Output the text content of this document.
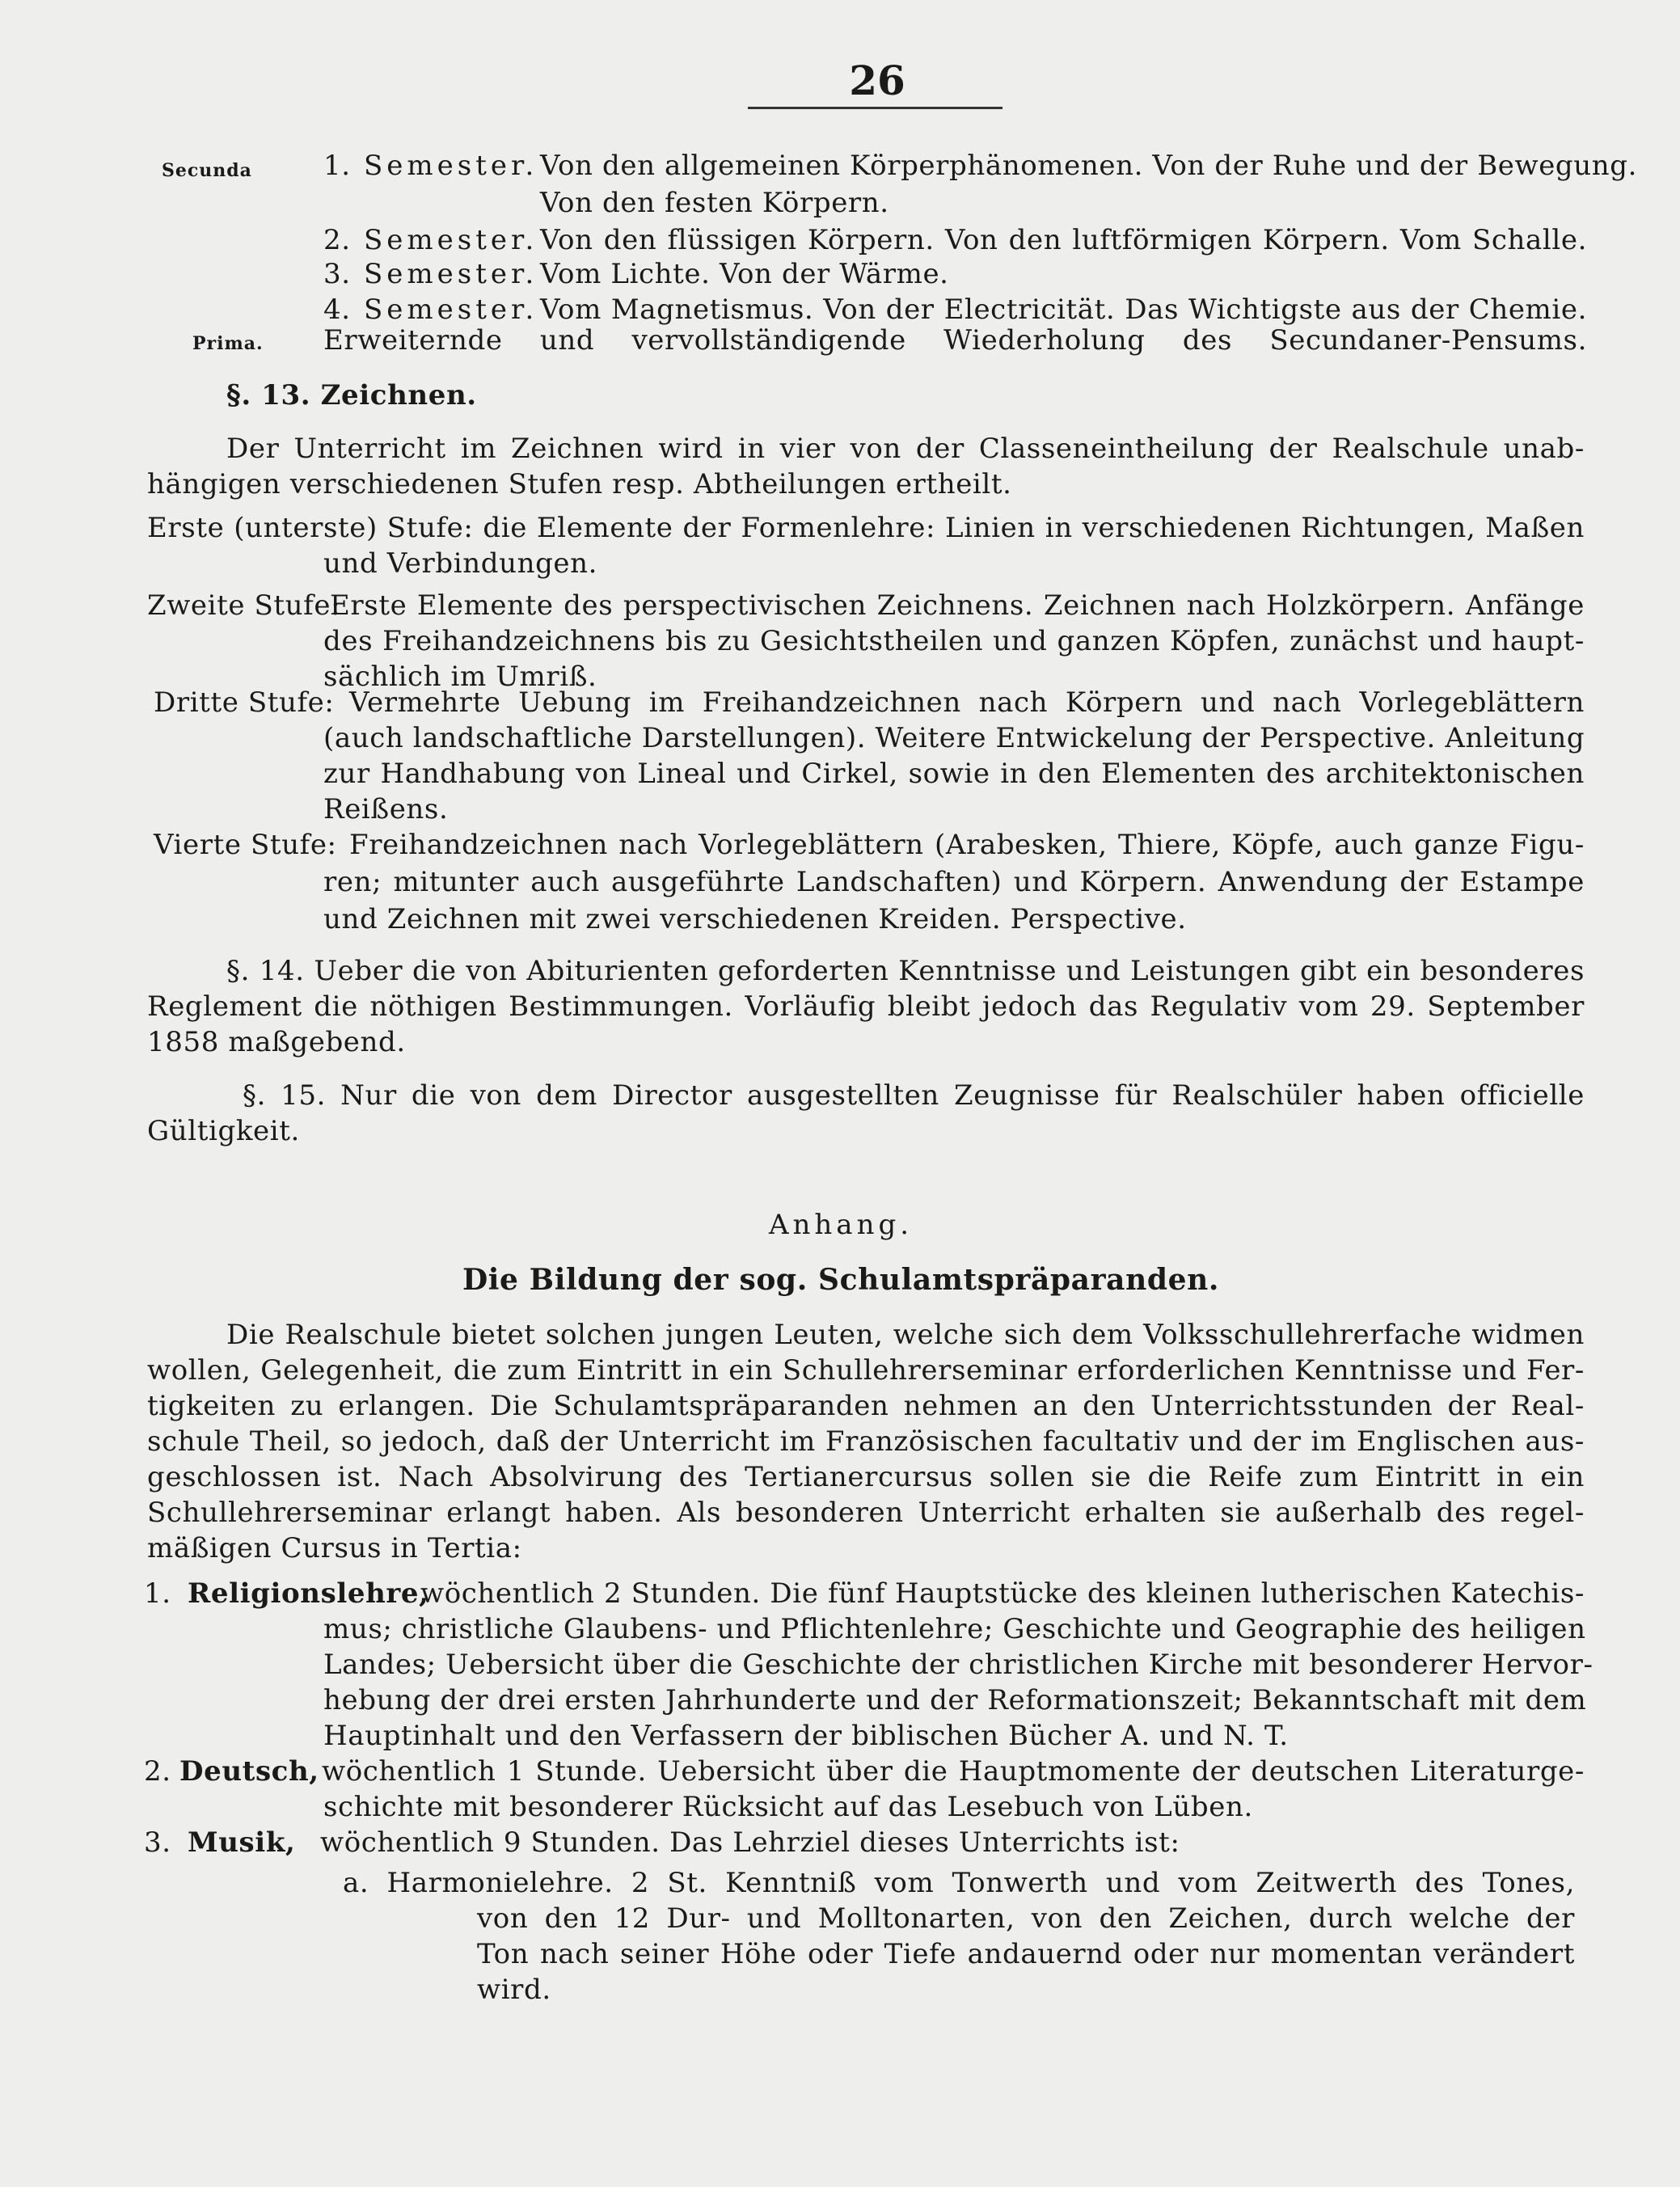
26
Secunda	1. Semester. Von den allgemeinen Körperphänomenen. Von der Ruhe und der Bewegung.
Von den festen Körpern.
2. Semester. Von den flüssigen Körpern. Von den luftförmigen Körpern. Vom Schalle.
3. Semester. Vom Lichte. Von der Wärme.
4. Semester. Vom Magnetismus. Von der Electricität. Das Wichtigste aus der Chemie.
Prima. Erweiternde und vervollständigende Wiederholung des Secundaner-Pensums.
§. 13. Zeichnen.
Der Unterricht im Zeichnen wird in vier von der Classeneintheilung der Realschule unab-
hängigen verschiedenen Stufen resp. Abtheilungen ertheilt.
Erste (unterste) Stufe: die Elemente der Formenlehre: Linien in verschiedenen Richtungen, Maßen
und Verbindungen.
Zweite Stufe:
Erste Elemente des perspectivischen Zeichnens. Zeichnen nach Holzkörpern. Anfänge
des Freihandzeichnens bis zu Gesichtstheilen und ganzen Köpfen, zunächst und haupt-
sächlich im Umriß.
Dritte Stufe: Vermehrte Uebung im Freihandzeichnen nach Körpern und nach Vorlegeblättern
(auch landschaftliche Darstellungen). Weitere Entwickelung der Perspective. Anleitung
zur Handhabung von Lineal und Cirkel, sowie in den Elementen des architektonischen
Reißens.
Vierte Stufe: Freihandzeichnen nach Vorlegeblättern (Arabesken, Thiere, Köpfe, auch ganze Figu-
ren; mitunter auch ausgeführte Landschaften) und Körpern. Anwendung der Estampe
und Zeichnen mit zwei verschiedenen Kreiden. Perspective.
§. 14. Ueber die von Abiturienten geforderten Kenntnisse und Leistungen gibt ein besonderes
Reglement die nöthigen Bestimmungen. Vorläufig bleibt jedoch das Regulativ vom 29. September
1858 maßgebend.
§. 15. Nur die von dem Director ausgestellten Zeugnisse für Realschüler haben officielle
Gültigkeit.
Anhang.
Die Bildung der sog. Schulamtspräparanden.
Die Realschule bietet solchen jungen Leuten, welche sich dem Volksschullehrerfache widmen
wollen, Gelegenheit, die zum Eintritt in ein Schullehrerseminar erforderlichen Kenntnisse und Fer-
tigkeiten zu erlangen. Die Schulamtspräparanden nehmen an den Unterrichtsstunden der Real-
schule Theil, so jedoch, daß der Unterricht im Französischen facultativ und der im Englischen aus-
geschlossen ist. Nach Absolvirung des Tertianercursus sollen sie die Reife zum Eintritt in ein
Schullehrerseminar erlangt haben. Als besonderen Unterricht erhalten sie außerhalb des regel-
mäßigen Cursus in Tertia:
1. Religionslehre,
wöchentlich 2 Stunden. Die fünf Hauptstücke des kleinen lutherischen Katechis-
mus; christliche Glaubens- und Pflichtenlehre; Geschichte und Geographie des heiligen
Landes; Uebersicht über die Geschichte der christlichen Kirche mit besonderer Hervor-
hebung der drei ersten Jahrhunderte und der Reformationszeit; Bekanntschaft mit dem
Hauptinhalt und den Verfassern der biblischen Bücher A. und N. T.
2. Deutsch, wöchentlich 1 Stunde. Uebersicht über die Hauptmomente der deutschen Literaturge-
schichte mit besonderer Rücksicht auf das Lesebuch von Lüben.
3. Musik, wöchentlich 9 Stunden. Das Lehrziel dieses Unterrichts ist:
a. Harmonielehre. 2 St. Kenntniß vom Tonwerth und vom Zeitwerth des Tones,
von den 12 Dur- und Molltonarten, von den Zeichen, durch welche der
Ton nach seiner Höhe oder Tiefe andauernd oder nur momentan verändert
wird.
